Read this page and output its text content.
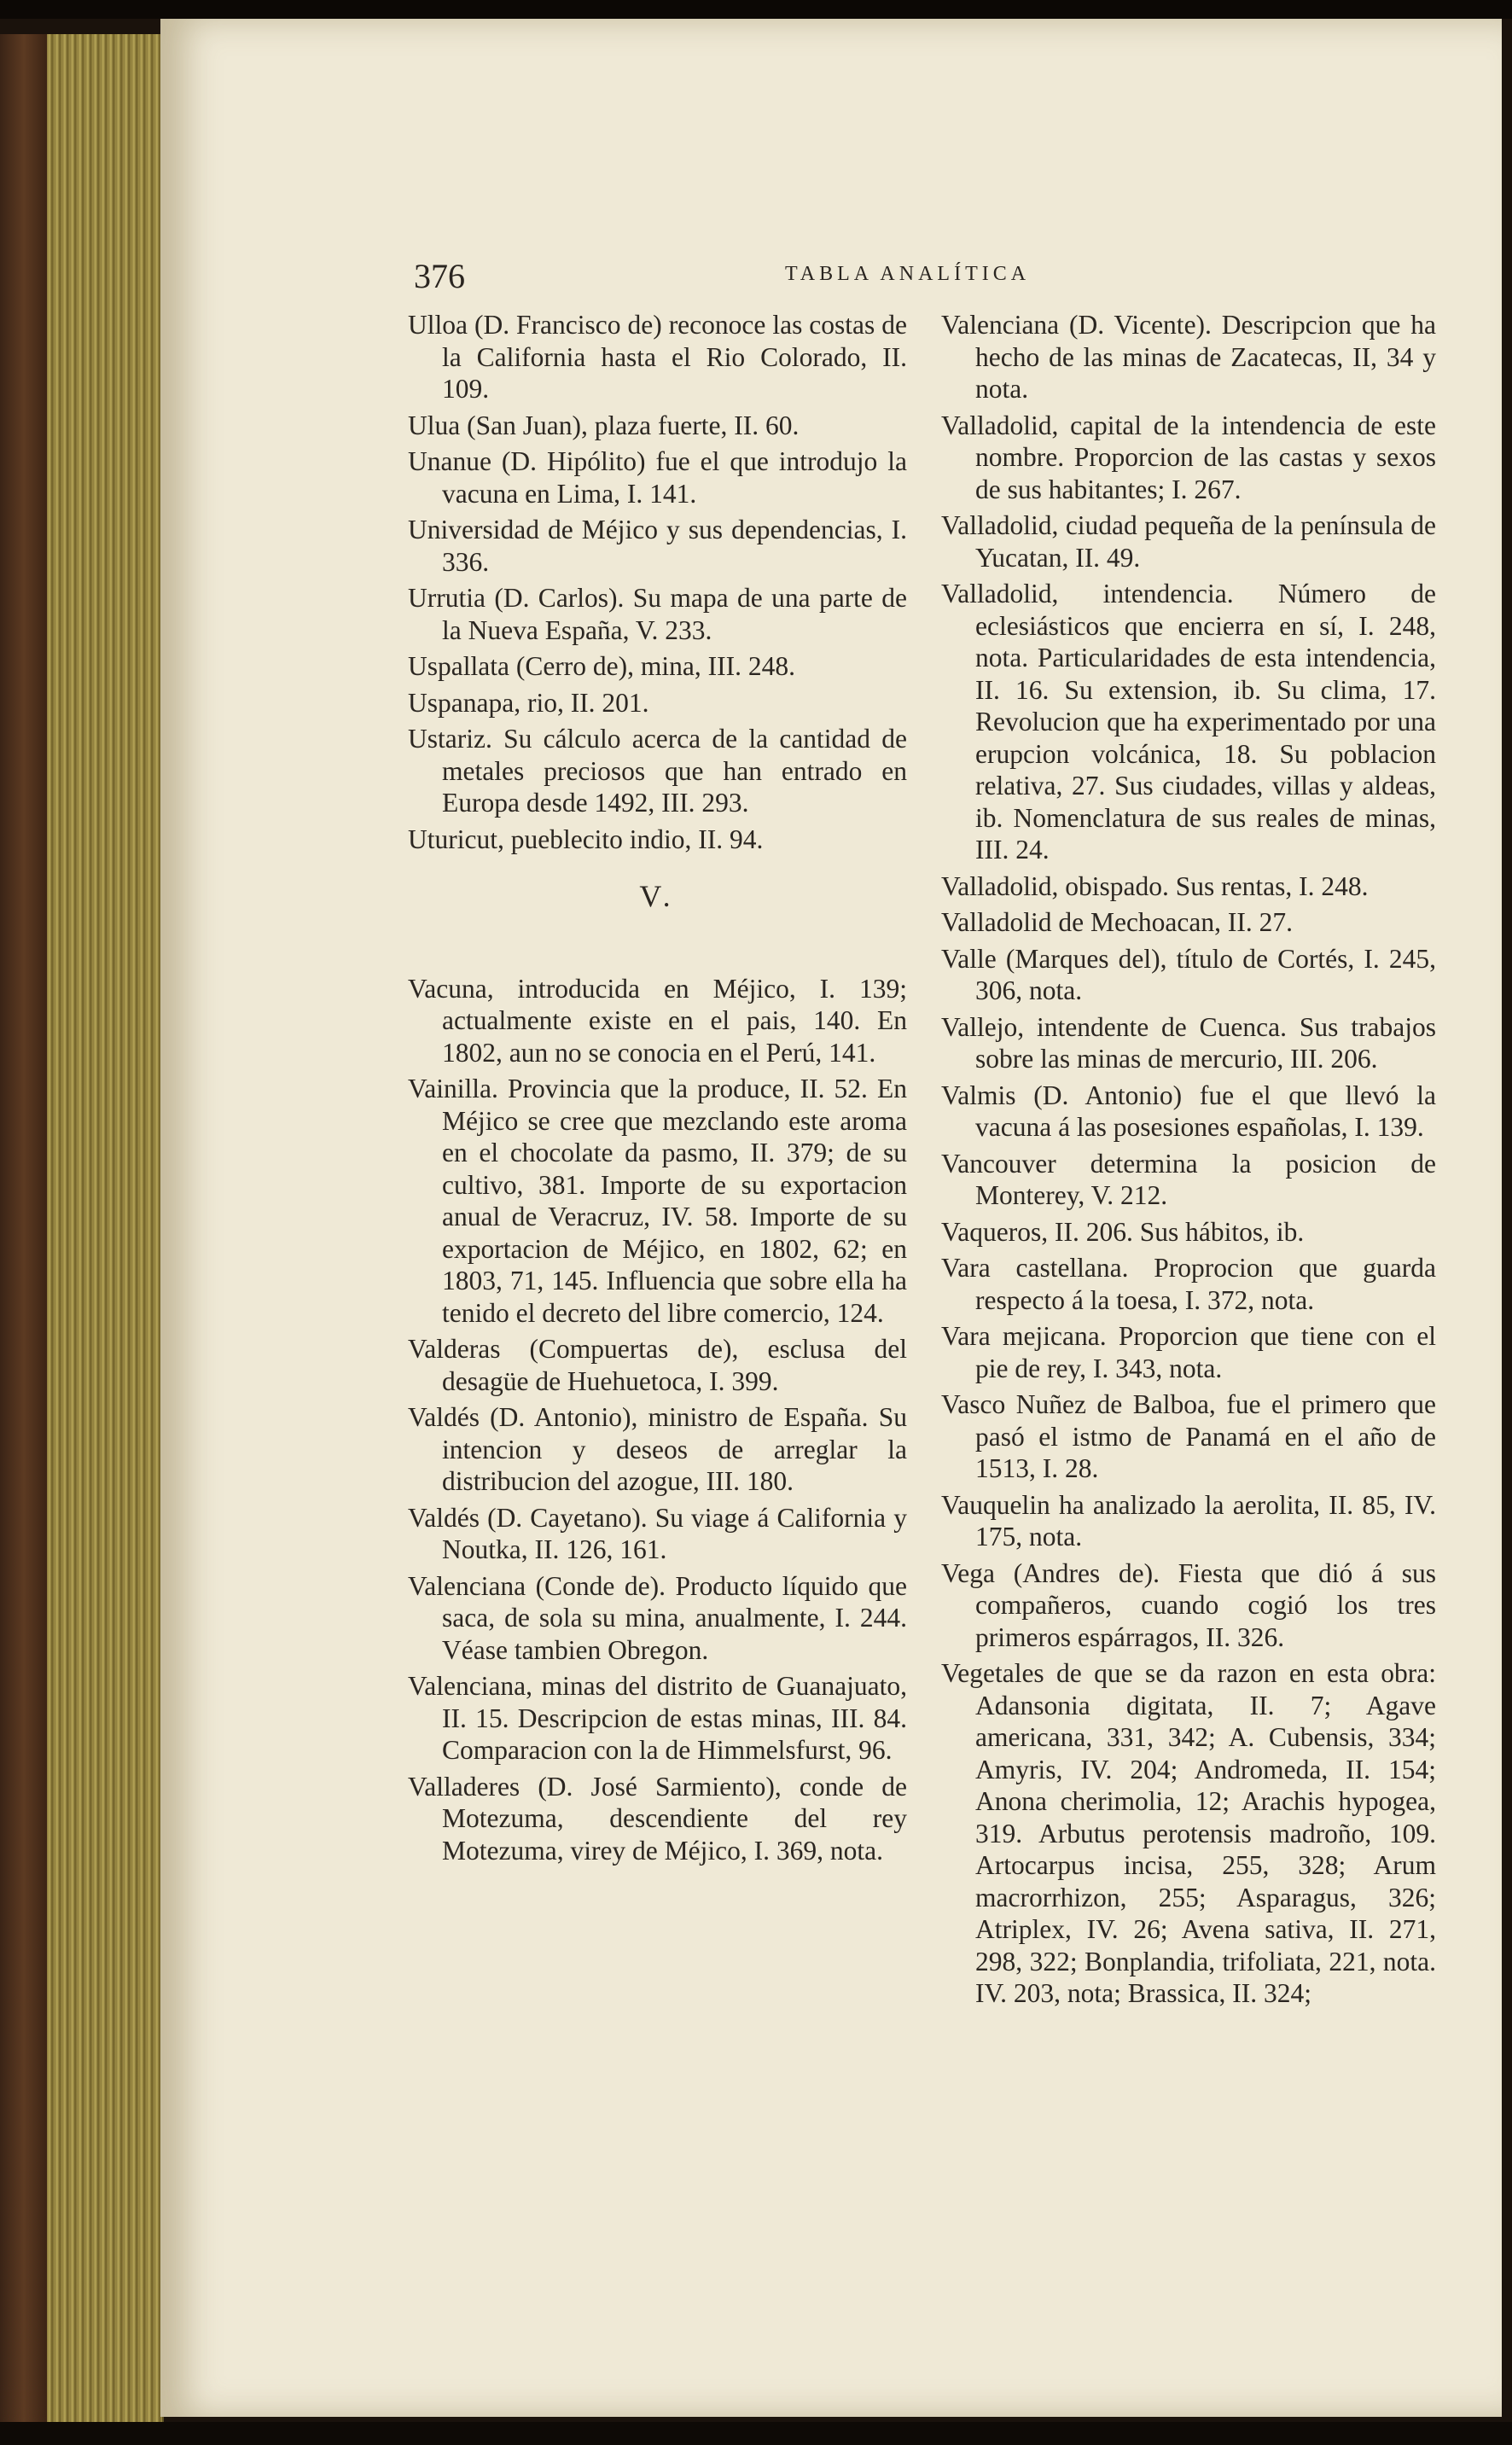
376	TABLA ANALÍTICA
Ulloa (D. Francisco de) reconoce las costas de la California hasta el Rio Colorado, II. 109.
Ulua (San Juan), plaza fuerte, II. 60.
Unanue (D. Hipólito) fue el que introdujo la vacuna en Lima, I. 141.
Universidad de Méjico y sus dependencias, I. 336.
Urrutia (D. Carlos). Su mapa de una parte de la Nueva España, V. 233.
Uspallata (Cerro de), mina, III. 248.
Uspanapa, rio, II. 201.
Ustariz. Su cálculo acerca de la cantidad de metales preciosos que han entrado en Europa desde 1492, III. 293.
Uturicut, pueblecito indio, II. 94.
V.
Vacuna, introducida en Méjico, I. 139; actualmente existe en el pais, 140. En 1802, aun no se conocia en el Perú, 141.
Vainilla. Provincia que la produce, II. 52. En Méjico se cree que mezclando este aroma en el chocolate da pasmo, II. 379; de su cultivo, 381. Importe de su exportacion anual de Veracruz, IV. 58. Importe de su exportacion de Méjico, en 1802, 62; en 1803, 71, 145. Influencia que sobre ella ha tenido el decreto del libre comercio, 124.
Valderas (Compuertas de), esclusa del desagüe de Huehuetoca, I. 399.
Valdés (D. Antonio), ministro de España. Su intencion y deseos de arreglar la distribucion del azogue, III. 180.
Valdés (D. Cayetano). Su viage á California y Noutka, II. 126, 161.
Valenciana (Conde de). Producto líquido que saca, de sola su mina, anualmente, I. 244. Véase tambien Obregon.
Valenciana, minas del distrito de Guanajuato, II. 15. Descripcion de estas minas, III. 84. Comparacion con la de Himmelsfurst, 96.
Valladeres (D. José Sarmiento), conde de Motezuma, descendiente del rey Motezuma, virey de Méjico, I. 369, nota.
Valenciana (D. Vicente). Descripcion que ha hecho de las minas de Zacatecas, II, 34 y nota.
Valladolid, capital de la intendencia de este nombre. Proporcion de las castas y sexos de sus habitantes; I. 267.
Valladolid, ciudad pequeña de la península de Yucatan, II. 49.
Valladolid, intendencia. Número de eclesiásticos que encierra en sí, I. 248, nota. Particularidades de esta intendencia, II. 16. Su extension, ib. Su clima, 17. Revolucion que ha experimentado por una erupcion volcánica, 18. Su poblacion relativa, 27. Sus ciudades, villas y aldeas, ib. Nomenclatura de sus reales de minas, III. 24.
Valladolid, obispado. Sus rentas, I. 248.
Valladolid de Mechoacan, II. 27.
Valle (Marques del), título de Cortés, I. 245, 306, nota.
Vallejo, intendente de Cuenca. Sus trabajos sobre las minas de mercurio, III. 206.
Valmis (D. Antonio) fue el que llevó la vacuna á las posesiones españolas, I. 139.
Vancouver determina la posicion de Monterey, V. 212.
Vaqueros, II. 206. Sus hábitos, ib.
Vara castellana. Proprocion que guarda respecto á la toesa, I. 372, nota.
Vara mejicana. Proporcion que tiene con el pie de rey, I. 343, nota.
Vasco Nuñez de Balboa, fue el primero que pasó el istmo de Panamá en el año de 1513, I. 28.
Vauquelin ha analizado la aerolita, II. 85, IV. 175, nota.
Vega (Andres de). Fiesta que dió á sus compañeros, cuando cogió los tres primeros espárragos, II. 326.
Vegetales de que se da razon en esta obra: Adansonia digitata, II. 7; Agave americana, 331, 342; A. Cubensis, 334; Amyris, IV. 204; Andromeda, II. 154; Anona cherimolia, 12; Arachis hypogea, 319. Arbutus perotensis madroño, 109. Artocarpus incisa, 255, 328; Arum macrorrhizon, 255; Asparagus, 326; Atriplex, IV. 26; Avena sativa, II. 271, 298, 322; Bonplandia, trifoliata, 221, nota. IV. 203, nota; Brassica, II. 324;
